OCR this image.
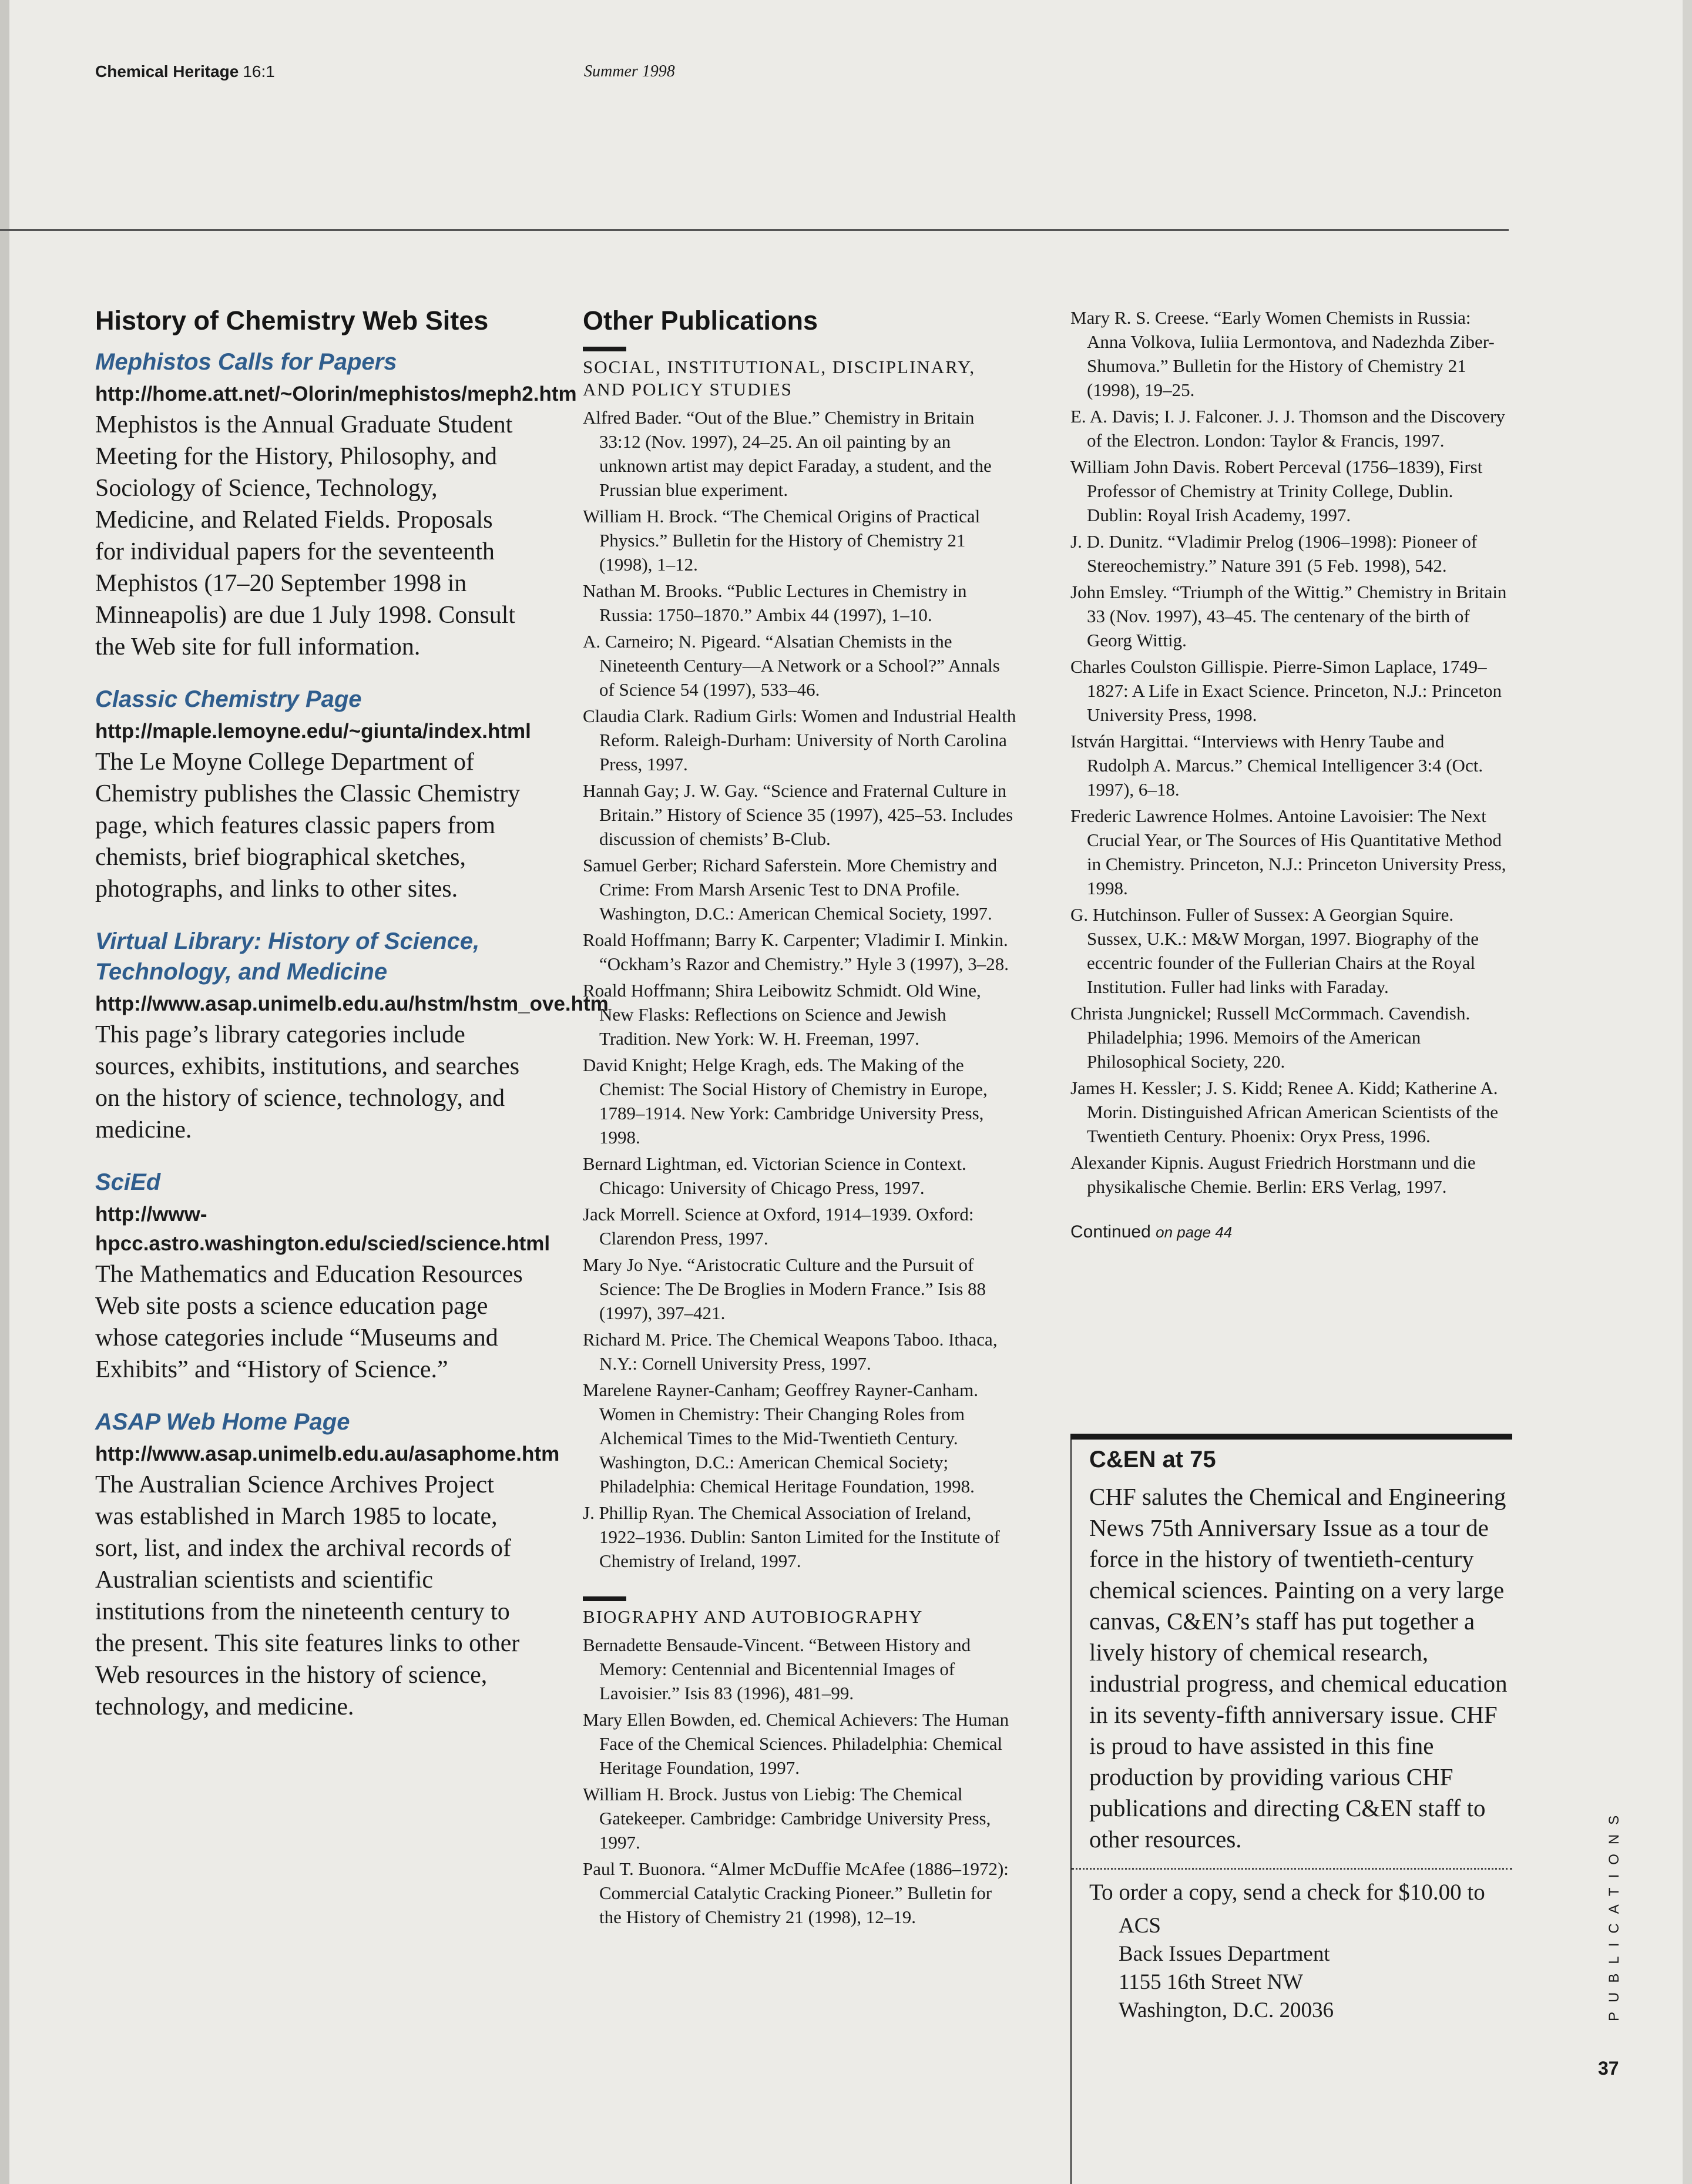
Chemical Heritage 16:1	Summer 1998
History of Chemistry Web Sites
Mephistos Calls for Papers
http://home.att.net/~Olorin/mephistos/meph2.htm
Mephistos is the Annual Graduate Student Meeting for the History, Philosophy, and Sociology of Science, Technology, Medicine, and Related Fields. Proposals for individual papers for the seventeenth Mephistos (17–20 September 1998 in Minneapolis) are due 1 July 1998. Consult the Web site for full information.
Classic Chemistry Page
http://maple.lemoyne.edu/~giunta/index.html
The Le Moyne College Department of Chemistry publishes the Classic Chemistry page, which features classic papers from chemists, brief biographical sketches, photographs, and links to other sites.
Virtual Library: History of Science, Technology, and Medicine
http://www.asap.unimelb.edu.au/hstm/hstm_ove.htm
This page’s library categories include sources, exhibits, institutions, and searches on the history of science, technology, and medicine.
SciEd
http://www-hpcc.astro.washington.edu/scied/science.html
The Mathematics and Education Resources Web site posts a science education page whose categories include “Museums and Exhibits” and “History of Science.”
ASAP Web Home Page
http://www.asap.unimelb.edu.au/asaphome.htm
The Australian Science Archives Project was established in March 1985 to locate, sort, list, and index the archival records of Australian scientists and scientific institutions from the nineteenth century to the present. This site features links to other Web resources in the history of science, technology, and medicine.
Other Publications
SOCIAL, INSTITUTIONAL, DISCIPLINARY, AND POLICY STUDIES
Alfred Bader. “Out of the Blue.” Chemistry in Britain 33:12 (Nov. 1997), 24–25. An oil painting by an unknown artist may depict Faraday, a student, and the Prussian blue experiment.
William H. Brock. “The Chemical Origins of Practical Physics.” Bulletin for the History of Chemistry 21 (1998), 1–12.
Nathan M. Brooks. “Public Lectures in Chemistry in Russia: 1750–1870.” Ambix 44 (1997), 1–10.
A. Carneiro; N. Pigeard. “Alsatian Chemists in the Nineteenth Century—A Network or a School?” Annals of Science 54 (1997), 533–46.
Claudia Clark. Radium Girls: Women and Industrial Health Reform. Raleigh-Durham: University of North Carolina Press, 1997.
Hannah Gay; J. W. Gay. “Science and Fraternal Culture in Britain.” History of Science 35 (1997), 425–53. Includes discussion of chemists’ B-Club.
Samuel Gerber; Richard Saferstein. More Chemistry and Crime: From Marsh Arsenic Test to DNA Profile. Washington, D.C.: American Chemical Society, 1997.
Roald Hoffmann; Barry K. Carpenter; Vladimir I. Minkin. “Ockham’s Razor and Chemistry.” Hyle 3 (1997), 3–28.
Roald Hoffmann; Shira Leibowitz Schmidt. Old Wine, New Flasks: Reflections on Science and Jewish Tradition. New York: W. H. Freeman, 1997.
David Knight; Helge Kragh, eds. The Making of the Chemist: The Social History of Chemistry in Europe, 1789–1914. New York: Cambridge University Press, 1998.
Bernard Lightman, ed. Victorian Science in Context. Chicago: University of Chicago Press, 1997.
Jack Morrell. Science at Oxford, 1914–1939. Oxford: Clarendon Press, 1997.
Mary Jo Nye. “Aristocratic Culture and the Pursuit of Science: The De Broglies in Modern France.” Isis 88 (1997), 397–421.
Richard M. Price. The Chemical Weapons Taboo. Ithaca, N.Y.: Cornell University Press, 1997.
Marelene Rayner-Canham; Geoffrey Rayner-Canham. Women in Chemistry: Their Changing Roles from Alchemical Times to the Mid-Twentieth Century. Washington, D.C.: American Chemical Society; Philadelphia: Chemical Heritage Foundation, 1998.
J. Phillip Ryan. The Chemical Association of Ireland, 1922–1936. Dublin: Santon Limited for the Institute of Chemistry of Ireland, 1997.
BIOGRAPHY AND AUTOBIOGRAPHY
Bernadette Bensaude-Vincent. “Between History and Memory: Centennial and Bicentennial Images of Lavoisier.” Isis 83 (1996), 481–99.
Mary Ellen Bowden, ed. Chemical Achievers: The Human Face of the Chemical Sciences. Philadelphia: Chemical Heritage Foundation, 1997.
William H. Brock. Justus von Liebig: The Chemical Gatekeeper. Cambridge: Cambridge University Press, 1997.
Paul T. Buonora. “Almer McDuffie McAfee (1886–1972): Commercial Catalytic Cracking Pioneer.” Bulletin for the History of Chemistry 21 (1998), 12–19.
Mary R. S. Creese. “Early Women Chemists in Russia: Anna Volkova, Iuliia Lermontova, and Nadezhda Ziber-Shumova.” Bulletin for the History of Chemistry 21 (1998), 19–25.
E. A. Davis; I. J. Falconer. J. J. Thomson and the Discovery of the Electron. London: Taylor & Francis, 1997.
William John Davis. Robert Perceval (1756–1839), First Professor of Chemistry at Trinity College, Dublin. Dublin: Royal Irish Academy, 1997.
J. D. Dunitz. “Vladimir Prelog (1906–1998): Pioneer of Stereochemistry.” Nature 391 (5 Feb. 1998), 542.
John Emsley. “Triumph of the Wittig.” Chemistry in Britain 33 (Nov. 1997), 43–45. The centenary of the birth of Georg Wittig.
Charles Coulston Gillispie. Pierre-Simon Laplace, 1749–1827: A Life in Exact Science. Princeton, N.J.: Princeton University Press, 1998.
István Hargittai. “Interviews with Henry Taube and Rudolph A. Marcus.” Chemical Intelligencer 3:4 (Oct. 1997), 6–18.
Frederic Lawrence Holmes. Antoine Lavoisier: The Next Crucial Year, or The Sources of His Quantitative Method in Chemistry. Princeton, N.J.: Princeton University Press, 1998.
G. Hutchinson. Fuller of Sussex: A Georgian Squire. Sussex, U.K.: M&W Morgan, 1997. Biography of the eccentric founder of the Fullerian Chairs at the Royal Institution. Fuller had links with Faraday.
Christa Jungnickel; Russell McCormmach. Cavendish. Philadelphia; 1996. Memoirs of the American Philosophical Society, 220.
James H. Kessler; J. S. Kidd; Renee A. Kidd; Katherine A. Morin. Distinguished African American Scientists of the Twentieth Century. Phoenix: Oryx Press, 1996.
Alexander Kipnis. August Friedrich Horstmann und die physikalische Chemie. Berlin: ERS Verlag, 1997.
Continued on page 44
C&EN at 75
CHF salutes the Chemical and Engineering News 75th Anniversary Issue as a tour de force in the history of twentieth-century chemical sciences. Painting on a very large canvas, C&EN’s staff has put together a lively history of chemical research, industrial progress, and chemical education in its seventy-fifth anniversary issue. CHF is proud to have assisted in this fine production by providing various CHF publications and directing C&EN staff to other resources.
To order a copy, send a check for $10.00 to
ACS
Back Issues Department
1155 16th Street NW
Washington, D.C. 20036	PUBLICATIONS
37
